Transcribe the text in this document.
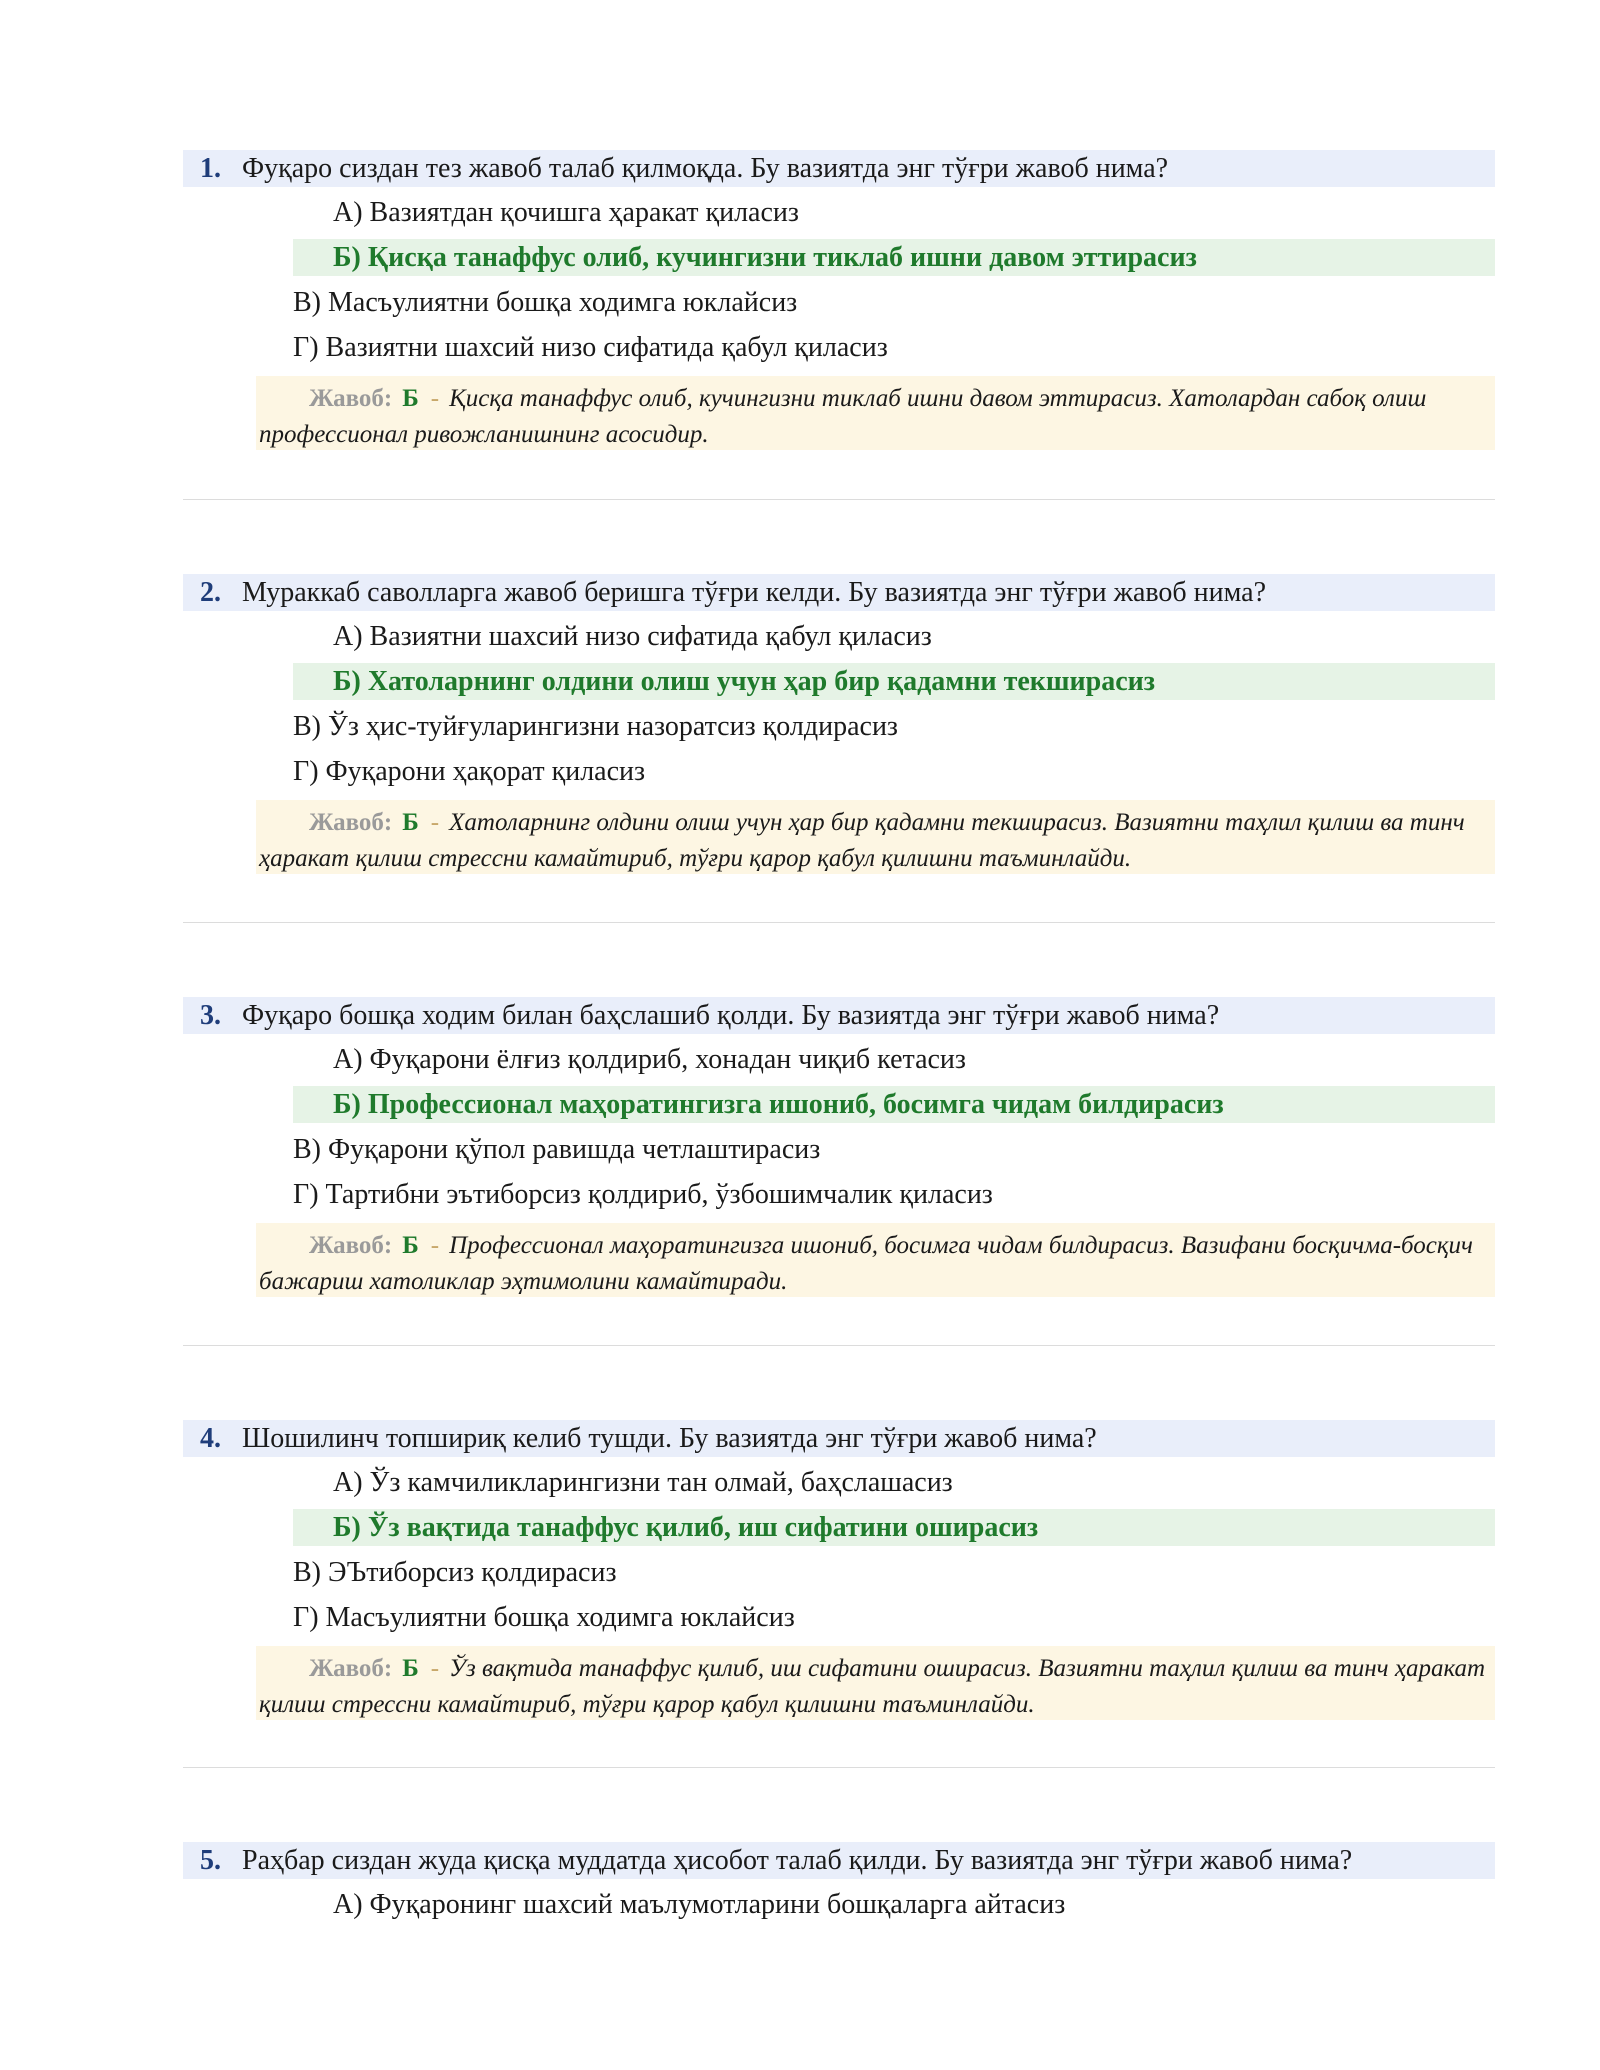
1. Фуқаро сиздан тез жавоб талаб қилмоқда. Бу вазиятда энг тўғри жавоб нима?
А) Вазиятдан қочишга ҳаракат қиласиз
Б) Қисқа танаффус олиб, кучингизни тиклаб ишни давом эттирасиз
В) Масъулиятни бошқа ходимга юклайсиз
Г) Вазиятни шахсий низо сифатида қабул қиласиз
Жавоб: Б - Қисқа танаффус олиб, кучингизни тиклаб ишни давом эттирасиз. Хатолардан сабоқ олиш профессионал ривожланишнинг асосидир.
2. Мураккаб саволларга жавоб беришга тўғри келди. Бу вазиятда энг тўғри жавоб нима?
А) Вазиятни шахсий низо сифатида қабул қиласиз
Б) Хатоларнинг олдини олиш учун ҳар бир қадамни текширасиз
В) Ўз ҳис-туйғуларингизни назоратсиз қолдирасиз
Г) Фуқарони ҳақорат қиласиз
Жавоб: Б - Хатоларнинг олдини олиш учун ҳар бир қадамни текширасиз. Вазиятни таҳлил қилиш ва тинч ҳаракат қилиш стрессни камайтириб, тўғри қарор қабул қилишни таъминлайди.
3. Фуқаро бошқа ходим билан баҳслашиб қолди. Бу вазиятда энг тўғри жавоб нима?
А) Фуқарони ёлғиз қолдириб, хонадан чиқиб кетасиз
Б) Профессионал маҳоратингизга ишониб, босимга чидам билдирасиз
В) Фуқарони қўпол равишда четлаштирасиз
Г) Тартибни эътиборсиз қолдириб, ўзбошимчалик қиласиз
Жавоб: Б - Профессионал маҳоратингизга ишониб, босимга чидам билдирасиз. Вазифани босқичма-босқич бажариш хатоликлар эҳтимолини камайтиради.
4. Шошилинч топшириқ келиб тушди. Бу вазиятда энг тўғри жавоб нима?
А) Ўз камчиликларингизни тан олмай, баҳслашасиз
Б) Ўз вақтида танаффус қилиб, иш сифатини оширасиз
В) ЭЪтиборсиз қолдирасиз
Г) Масъулиятни бошқа ходимга юклайсиз
Жавоб: Б - Ўз вақтида танаффус қилиб, иш сифатини оширасиз. Вазиятни таҳлил қилиш ва тинч ҳаракат қилиш стрессни камайтириб, тўғри қарор қабул қилишни таъминлайди.
5. Раҳбар сиздан жуда қисқа муддатда ҳисобот талаб қилди. Бу вазиятда энг тўғри жавоб нима?
А) Фуқаронинг шахсий маълумотларини бошқаларга айтасиз
